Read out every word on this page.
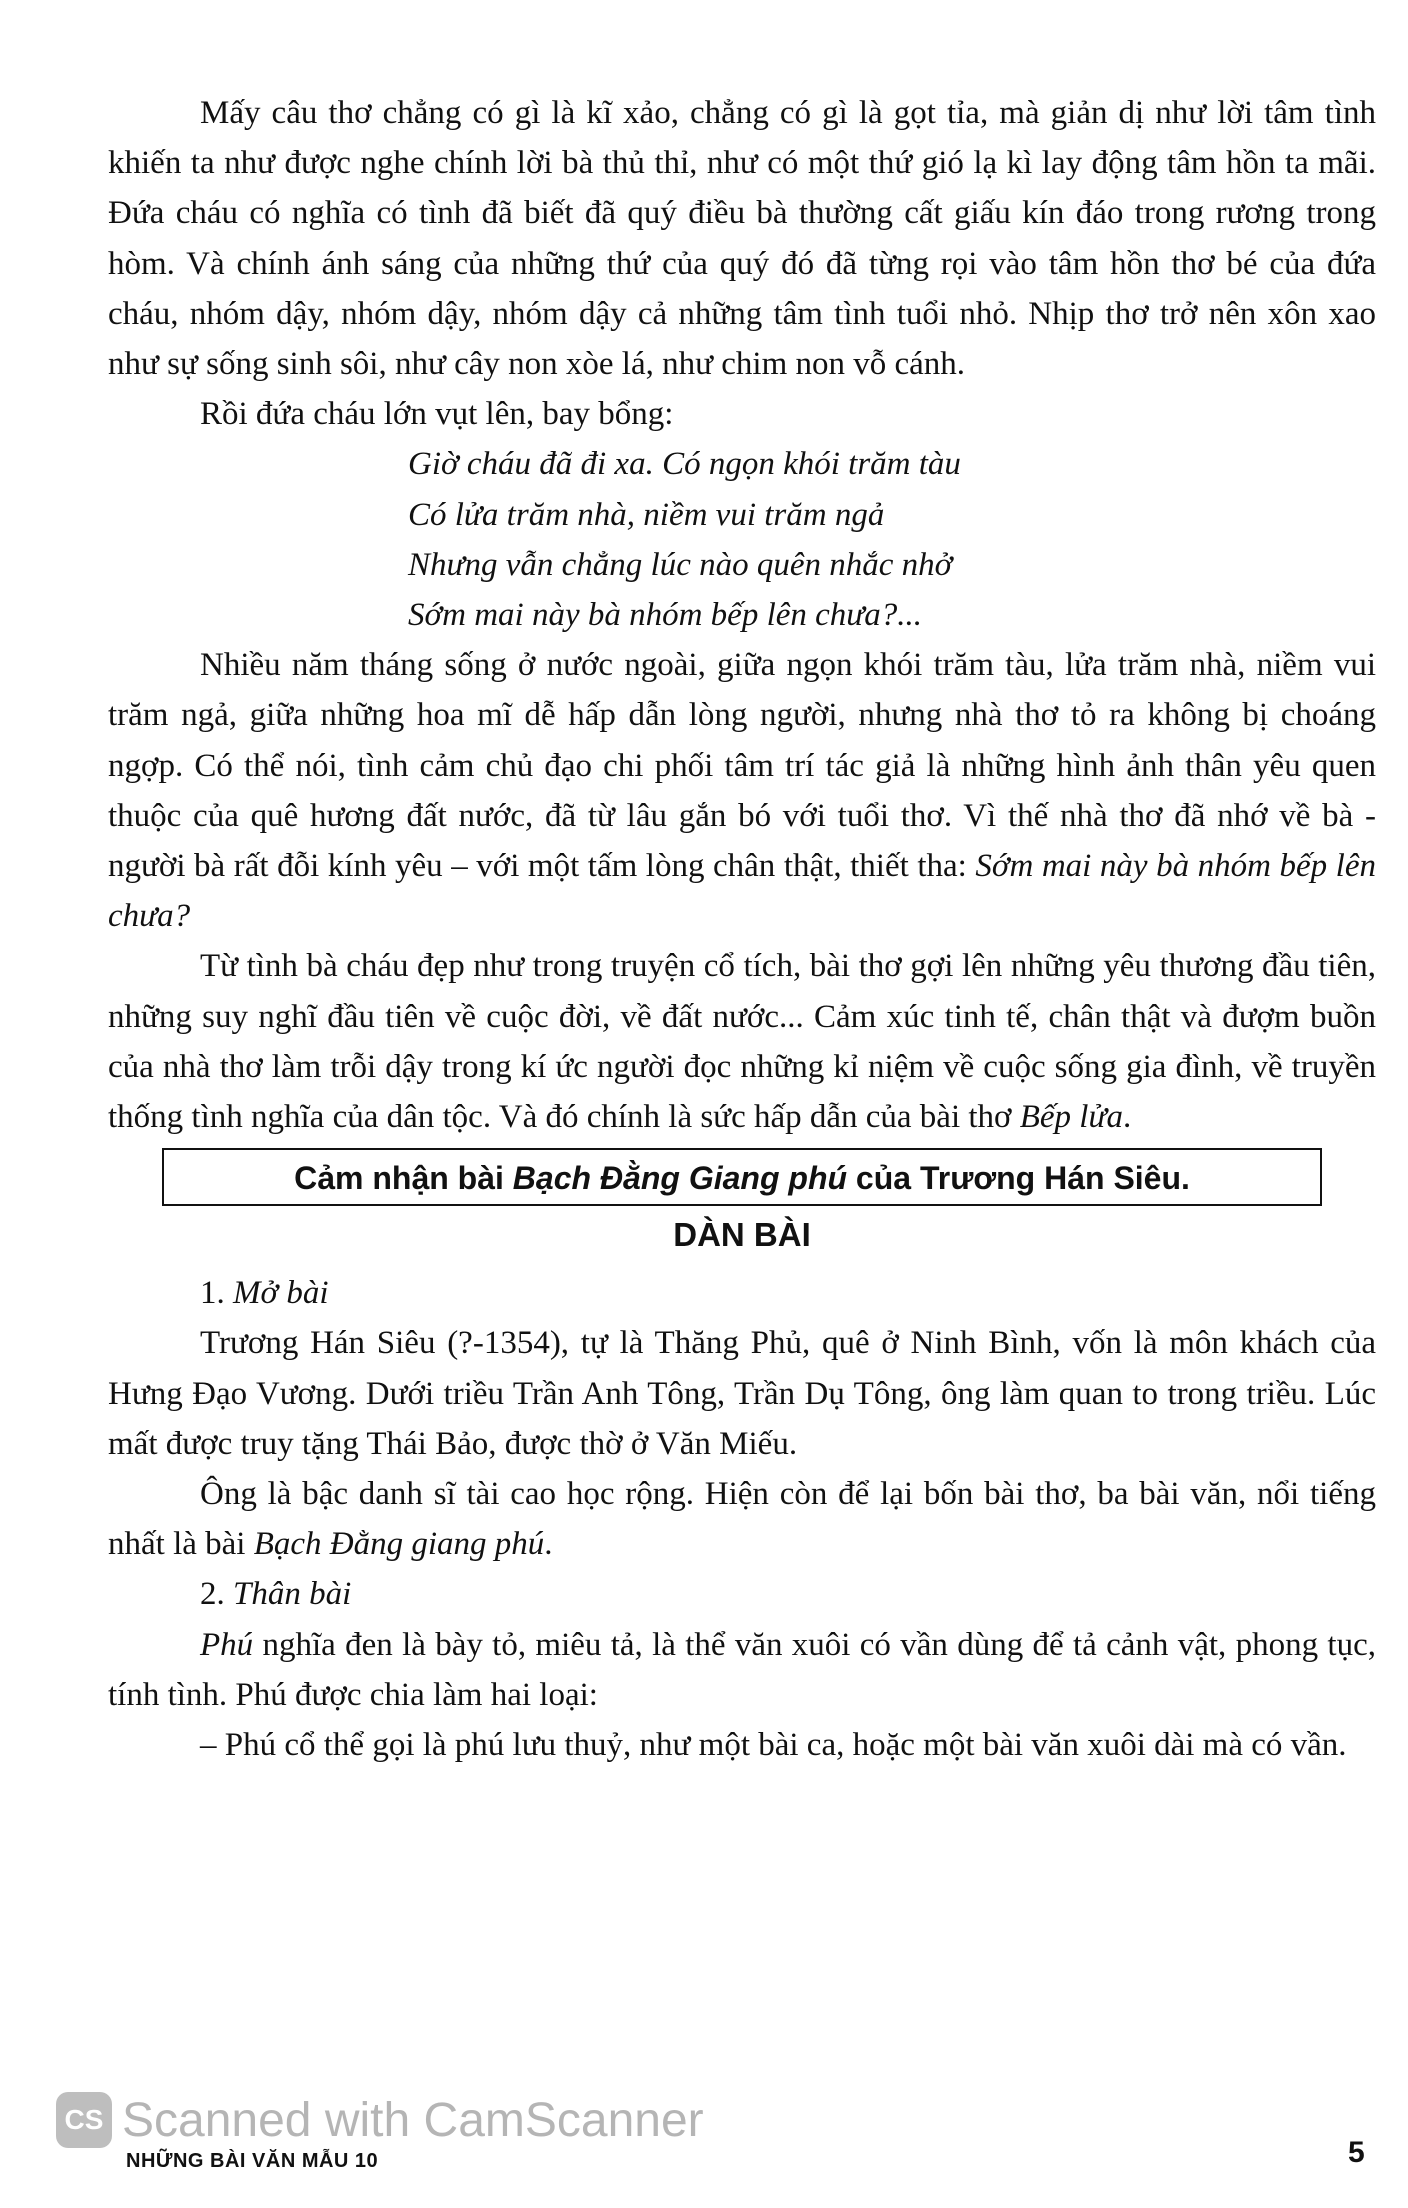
Mấy câu thơ chẳng có gì là kĩ xảo, chẳng có gì là gọt tỉa, mà giản dị như lời tâm tình khiến ta như được nghe chính lời bà thủ thỉ, như có một thứ gió lạ kì lay động tâm hồn ta mãi. Đứa cháu có nghĩa có tình đã biết đã quý điều bà thường cất giấu kín đáo trong rương trong hòm. Và chính ánh sáng của những thứ của quý đó đã từng rọi vào tâm hồn thơ bé của đứa cháu, nhóm dậy, nhóm dậy, nhóm dậy cả những tâm tình tuổi nhỏ. Nhịp thơ trở nên xôn xao như sự sống sinh sôi, như cây non xòe lá, như chim non vỗ cánh.

Rồi đứa cháu lớn vụt lên, bay bổng:

Giờ cháu đã đi xa. Có ngọn khói trăm tàu
Có lửa trăm nhà, niềm vui trăm ngả
Nhưng vẫn chẳng lúc nào quên nhắc nhở
Sớm mai này bà nhóm bếp lên chưa?...

Nhiều năm tháng sống ở nước ngoài, giữa ngọn khói trăm tàu, lửa trăm nhà, niềm vui trăm ngả, giữa những hoa mĩ dễ hấp dẫn lòng người, nhưng nhà thơ tỏ ra không bị choáng ngợp. Có thể nói, tình cảm chủ đạo chi phối tâm trí tác giả là những hình ảnh thân yêu quen thuộc của quê hương đất nước, đã từ lâu gắn bó với tuổi thơ. Vì thế nhà thơ đã nhớ về bà - người bà rất đỗi kính yêu – với một tấm lòng chân thật, thiết tha: Sớm mai này bà nhóm bếp lên chưa?

Từ tình bà cháu đẹp như trong truyện cổ tích, bài thơ gợi lên những yêu thương đầu tiên, những suy nghĩ đầu tiên về cuộc đời, về đất nước... Cảm xúc tinh tế, chân thật và đượm buồn của nhà thơ làm trỗi dậy trong kí ức người đọc những kỉ niệm về cuộc sống gia đình, về truyền thống tình nghĩa của dân tộc. Và đó chính là sức hấp dẫn của bài thơ Bếp lửa.

Cảm nhận bài Bạch Đằng Giang phú của Trương Hán Siêu.
DÀN BÀI

1. Mở bài

Trương Hán Siêu (?-1354), tự là Thăng Phủ, quê ở Ninh Bình, vốn là môn khách của Hưng Đạo Vương. Dưới triều Trần Anh Tông, Trần Dụ Tông, ông làm quan to trong triều. Lúc mất được truy tặng Thái Bảo, được thờ ở Văn Miếu.

Ông là bậc danh sĩ tài cao học rộng. Hiện còn để lại bốn bài thơ, ba bài văn, nổi tiếng nhất là bài Bạch Đằng giang phú.

2. Thân bài

Phú nghĩa đen là bày tỏ, miêu tả, là thể văn xuôi có vần dùng để tả cảnh vật, phong tục, tính tình. Phú được chia làm hai loại:

– Phú cổ thể gọi là phú lưu thuỷ, như một bài ca, hoặc một bài văn xuôi dài mà có vần.

CS Scanned with CamScanner
NHỮNG BÀI VĂN MẪU 10	5
